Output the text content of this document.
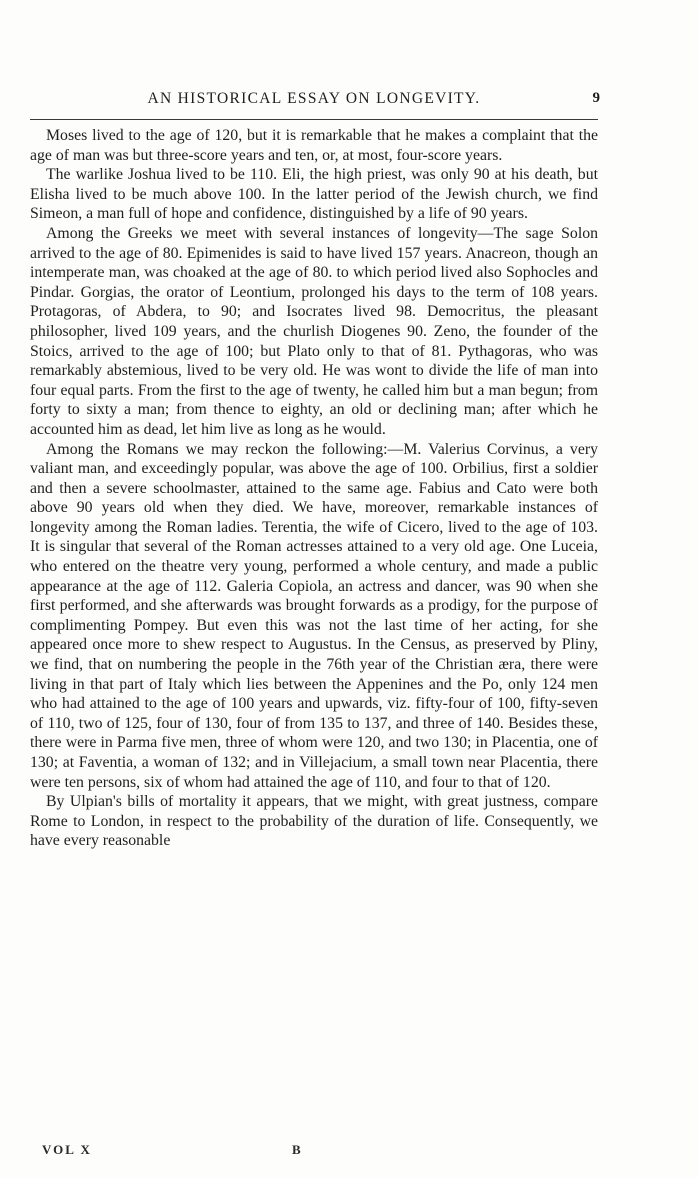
AN HISTORICAL ESSAY ON LONGEVITY.	9

Moses lived to the age of 120, but it is remarkable that he makes a complaint that the age of man was but three-score years and ten, or, at most, four-score years.

The warlike Joshua lived to be 110. Eli, the high priest, was only 90 at his death, but Elisha lived to be much above 100. In the latter period of the Jewish church, we find Simeon, a man full of hope and confidence, distinguished by a life of 90 years.

Among the Greeks we meet with several instances of longevity—The sage Solon arrived to the age of 80. Epimenides is said to have lived 157 years. Anacreon, though an intemperate man, was choaked at the age of 80. to which period lived also Sophocles and Pindar. Gorgias, the orator of Leontium, prolonged his days to the term of 108 years. Protagoras, of Abdera, to 90; and Isocrates lived 98. Democritus, the pleasant philosopher, lived 109 years, and the churlish Diogenes 90. Zeno, the founder of the Stoics, arrived to the age of 100; but Plato only to that of 81. Pythagoras, who was remarkably abstemious, lived to be very old. He was wont to divide the life of man into four equal parts. From the first to the age of twenty, he called him but a man begun; from forty to sixty a man; from thence to eighty, an old or declining man; after which he accounted him as dead, let him live as long as he would.

Among the Romans we may reckon the following:—M. Valerius Corvinus, a very valiant man, and exceedingly popular, was above the age of 100. Orbilius, first a soldier and then a severe schoolmaster, attained to the same age. Fabius and Cato were both above 90 years old when they died. We have, moreover, remarkable instances of longevity among the Roman ladies. Terentia, the wife of Cicero, lived to the age of 103. It is singular that several of the Roman actresses attained to a very old age. One Luceia, who entered on the theatre very young, performed a whole century, and made a public appearance at the age of 112. Galeria Copiola, an actress and dancer, was 90 when she first performed, and she afterwards was brought forwards as a prodigy, for the purpose of complimenting Pompey. But even this was not the last time of her acting, for she appeared once more to shew respect to Augustus. In the Census, as preserved by Pliny, we find, that on numbering the people in the 76th year of the Christian æra, there were living in that part of Italy which lies between the Appenines and the Po, only 124 men who had attained to the age of 100 years and upwards, viz. fifty-four of 100, fifty-seven of 110, two of 125, four of 130, four of from 135 to 137, and three of 140. Besides these, there were in Parma five men, three of whom were 120, and two 130; in Placentia, one of 130; at Faventia, a woman of 132; and in Villejacium, a small town near Placentia, there were ten persons, six of whom had attained the age of 110, and four to that of 120.

By Ulpian's bills of mortality it appears, that we might, with great justness, compare Rome to London, in respect to the probability of the duration of life. Consequently, we have every reasonable

VOL X	B
